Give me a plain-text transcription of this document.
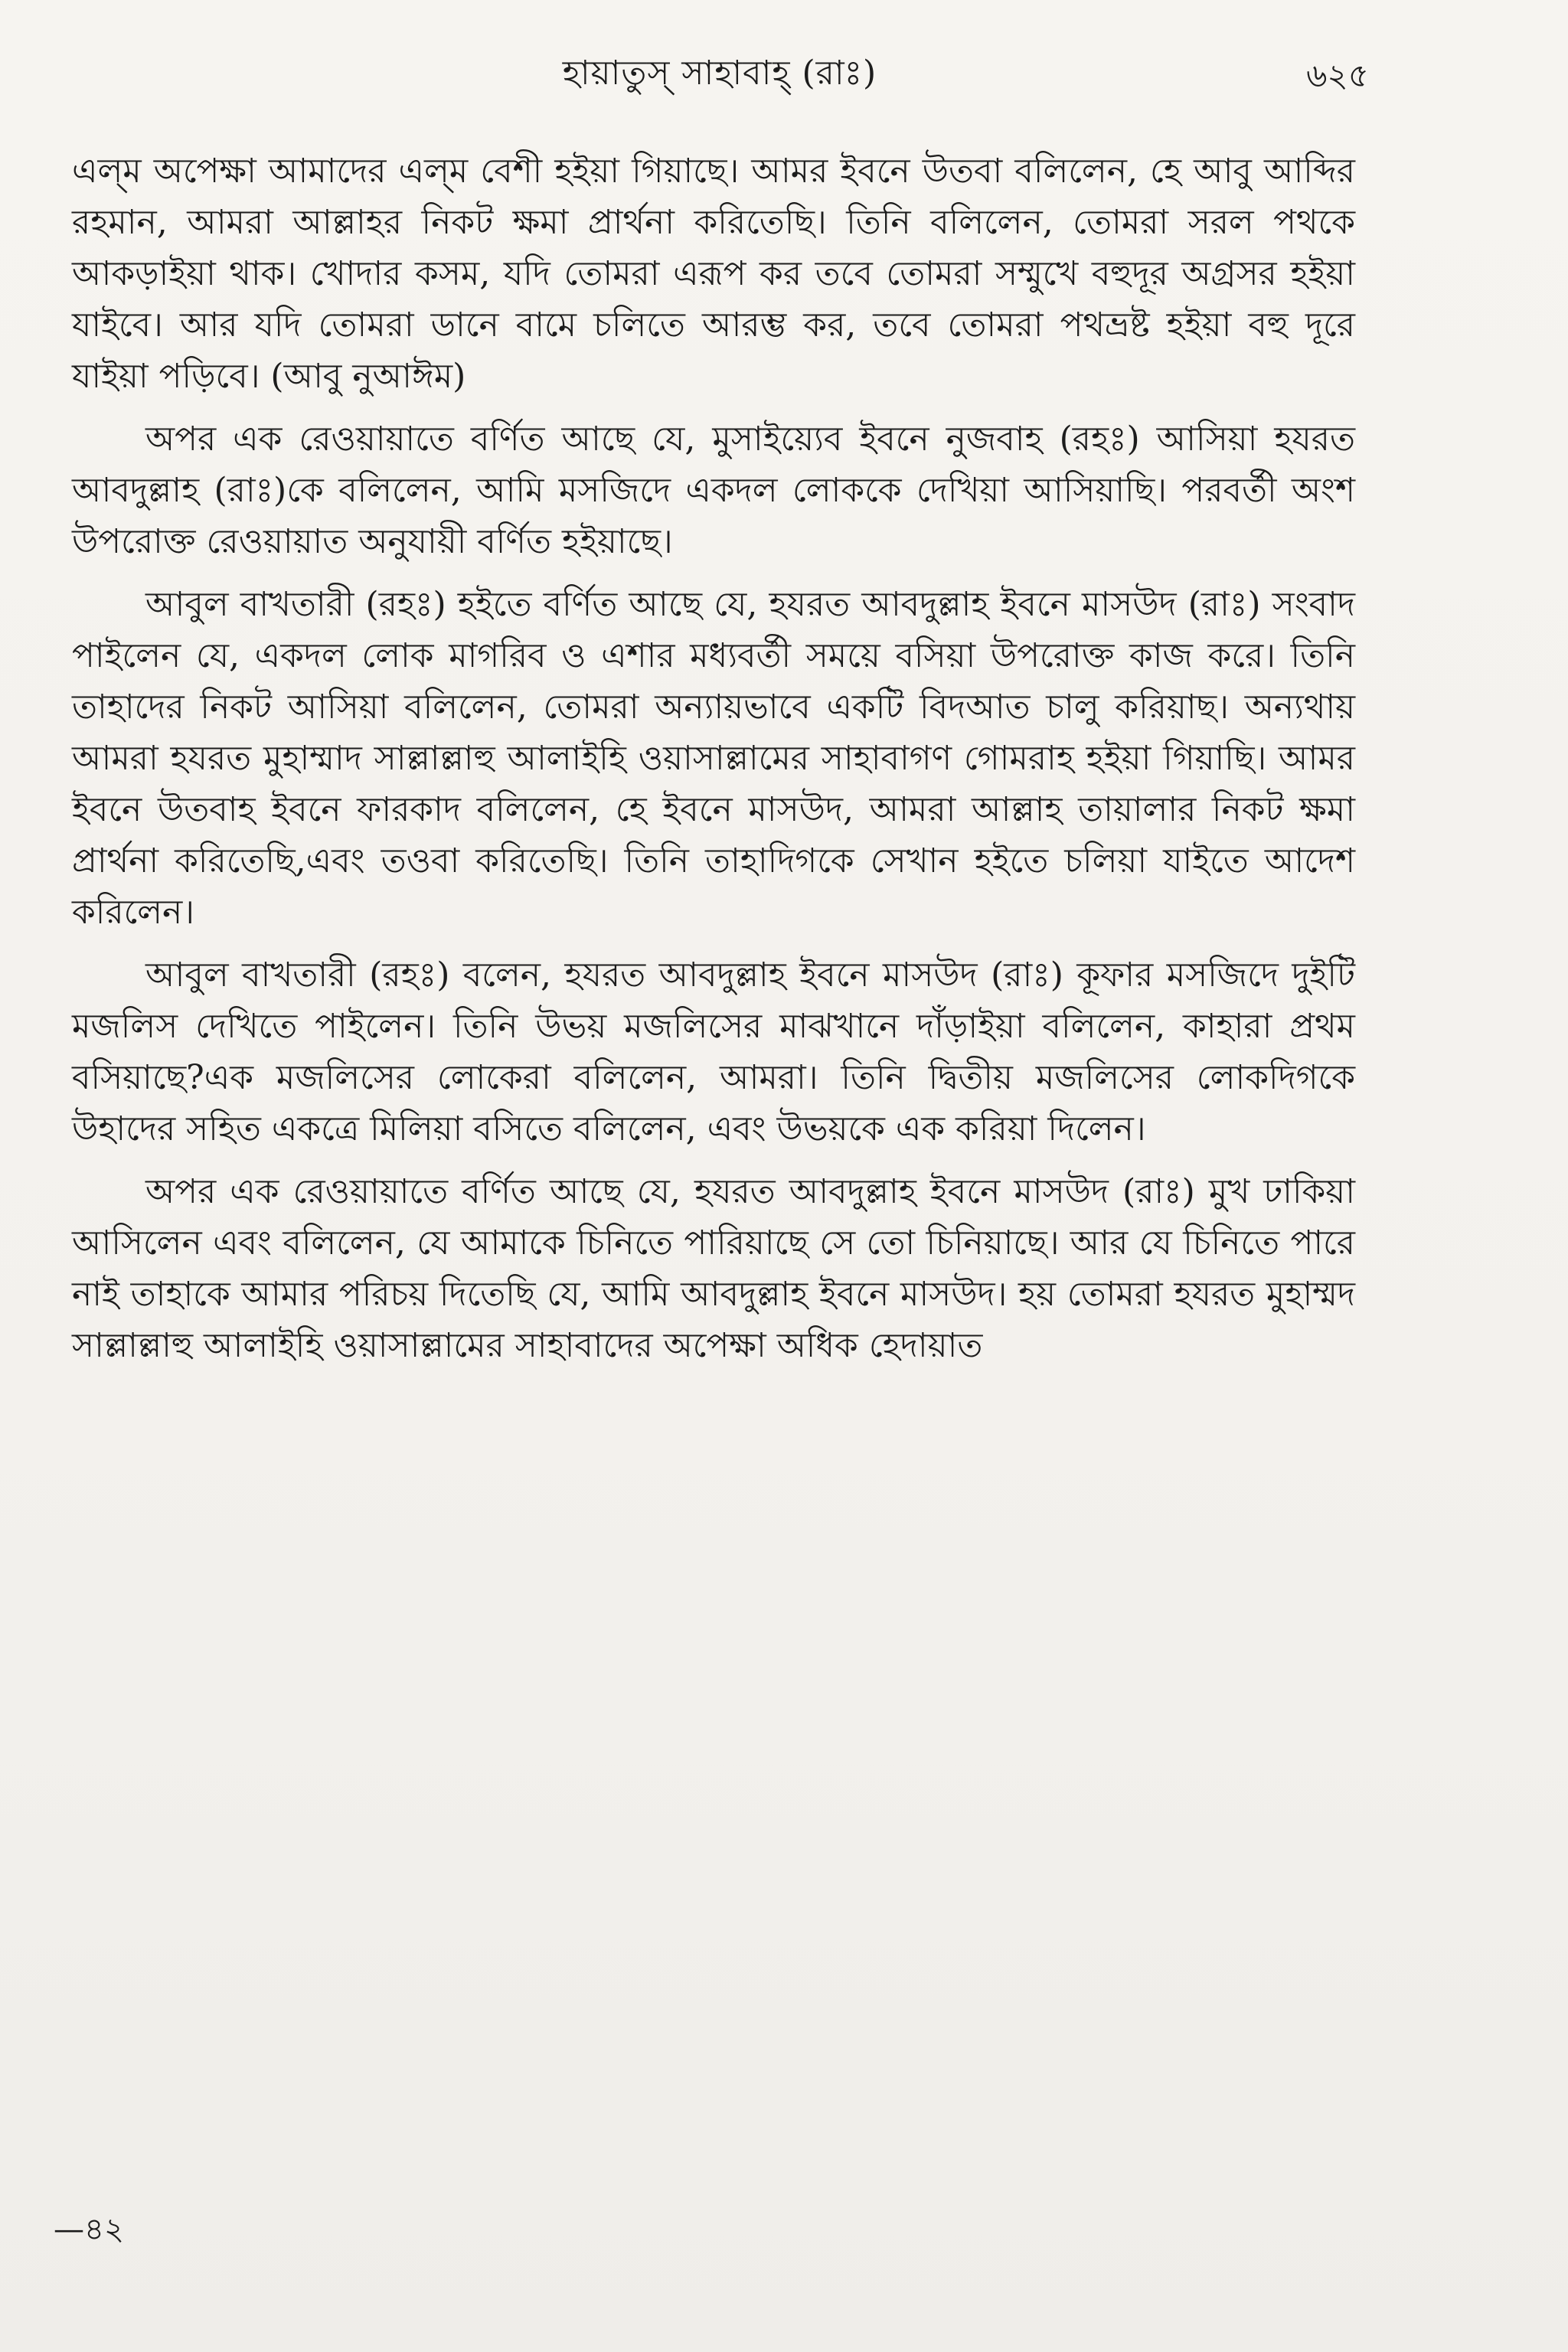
হায়াতুস্ সাহাবাহ্ (রাঃ)	৬২৫

এল্‌ম অপেক্ষা আমাদের এল্‌ম বেশী হইয়া গিয়াছে। আমর ইবনে উতবা বলিলেন, হে আবু আব্দির রহমান, আমরা আল্লাহর নিকট ক্ষমা প্রার্থনা করিতেছি। তিনি বলিলেন, তোমরা সরল পথকে আকড়াইয়া থাক। খোদার কসম, যদি তোমরা এরূপ কর তবে তোমরা সম্মুখে বহুদূর অগ্রসর হইয়া যাইবে। আর যদি তোমরা ডানে বামে চলিতে আরম্ভ কর, তবে তোমরা পথভ্রষ্ট হইয়া বহু দূরে যাইয়া পড়িবে। (আবু নুআঈম)

অপর এক রেওয়ায়াতে বর্ণিত আছে যে, মুসাইয়্যেব ইবনে নুজবাহ (রহঃ) আসিয়া হযরত আবদুল্লাহ (রাঃ)কে বলিলেন, আমি মসজিদে একদল লোককে দেখিয়া আসিয়াছি। পরবর্তী অংশ উপরোক্ত রেওয়ায়াত অনুযায়ী বর্ণিত হইয়াছে।

আবুল বাখতারী (রহঃ) হইতে বর্ণিত আছে যে, হযরত আবদুল্লাহ ইবনে মাসউদ (রাঃ) সংবাদ পাইলেন যে, একদল লোক মাগরিব ও এশার মধ্যবর্তী সময়ে বসিয়া উপরোক্ত কাজ করে। তিনি তাহাদের নিকট আসিয়া বলিলেন, তোমরা অন্যায়ভাবে একটি বিদআত চালু করিয়াছ। অন্যথায় আমরা হযরত মুহাম্মাদ সাল্লাল্লাহু আলাইহি ওয়াসাল্লামের সাহাবাগণ গোমরাহ হইয়া গিয়াছি। আমর ইবনে উতবাহ ইবনে ফারকাদ বলিলেন, হে ইবনে মাসউদ, আমরা আল্লাহ তায়ালার নিকট ক্ষমা প্রার্থনা করিতেছি,এবং তওবা করিতেছি। তিনি তাহাদিগকে সেখান হইতে চলিয়া যাইতে আদেশ করিলেন।

আবুল বাখতারী (রহঃ) বলেন, হযরত আবদুল্লাহ ইবনে মাসউদ (রাঃ) কূফার মসজিদে দুইটি মজলিস দেখিতে পাইলেন। তিনি উভয় মজলিসের মাঝখানে দাঁড়াইয়া বলিলেন, কাহারা প্রথম বসিয়াছে?এক মজলিসের লোকেরা বলিলেন, আমরা। তিনি দ্বিতীয় মজলিসের লোকদিগকে উহাদের সহিত একত্রে মিলিয়া বসিতে বলিলেন, এবং উভয়কে এক করিয়া দিলেন।

অপর এক রেওয়ায়াতে বর্ণিত আছে যে, হযরত আবদুল্লাহ ইবনে মাসউদ (রাঃ) মুখ ঢাকিয়া আসিলেন এবং বলিলেন, যে আমাকে চিনিতে পারিয়াছে সে তো চিনিয়াছে। আর যে চিনিতে পারে নাই তাহাকে আমার পরিচয় দিতেছি যে, আমি আবদুল্লাহ ইবনে মাসউদ। হয় তোমরা হযরত মুহাম্মদ সাল্লাল্লাহু আলাইহি ওয়াসাল্লামের সাহাবাদের অপেক্ষা অধিক হেদায়াত

—৪২
